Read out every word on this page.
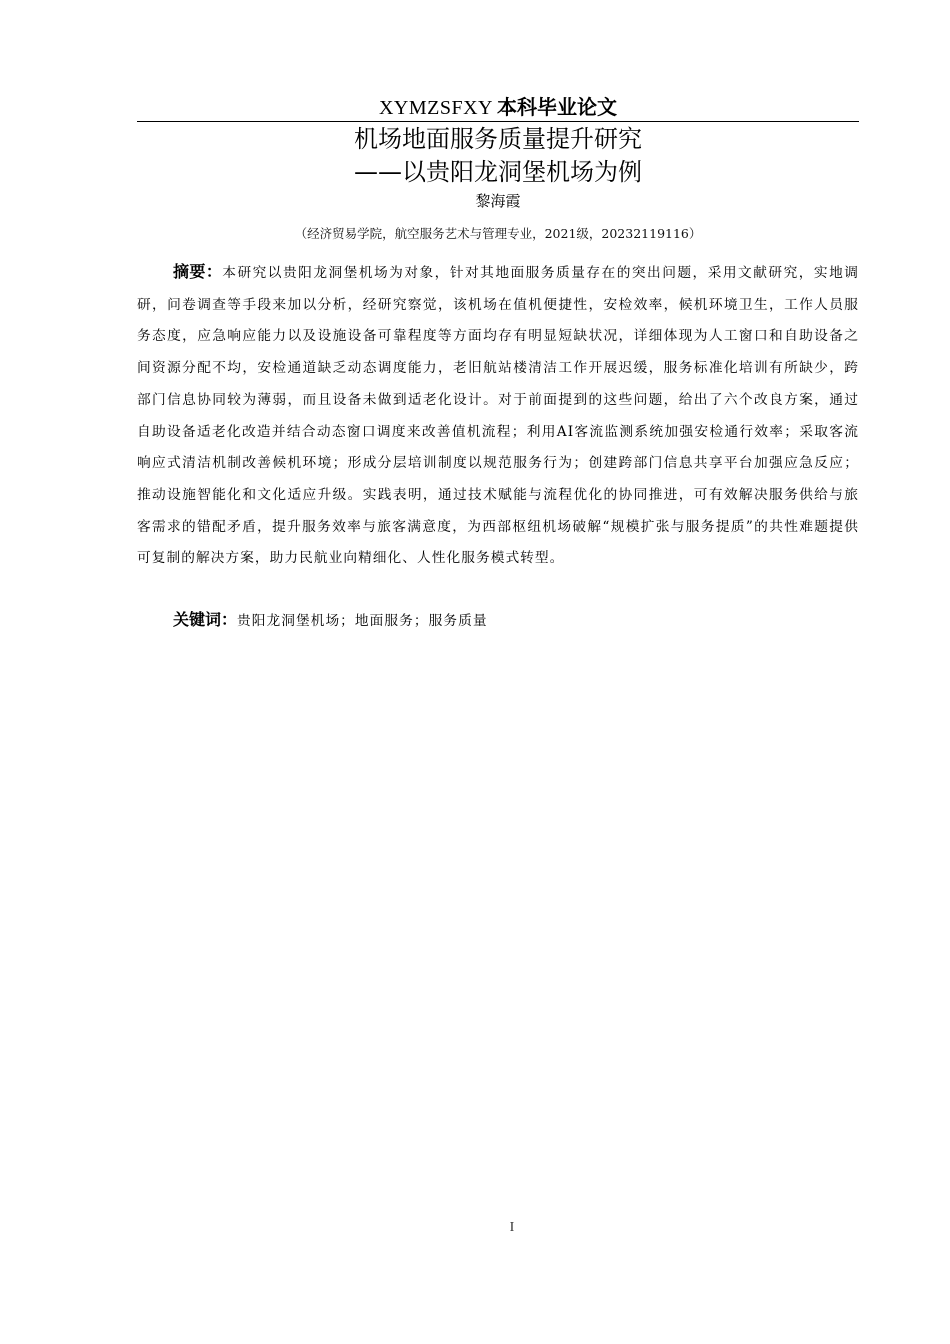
XYMZSFXY 本科毕业论文
机场地面服务质量提升研究
——以贵阳龙洞堡机场为例
黎海霞
（经济贸易学院，航空服务艺术与管理专业，2021级，20232119116）

摘要：本研究以贵阳龙洞堡机场为对象，针对其地面服务质量存在的突出问题，采用文献研究，实地调研，问卷调查等手段来加以分析，经研究察觉，该机场在值机便捷性，安检效率，候机环境卫生，工作人员服务态度，应急响应能力以及设施设备可靠程度等方面均存有明显短缺状况，详细体现为人工窗口和自助设备之间资源分配不均，安检通道缺乏动态调度能力，老旧航站楼清洁工作开展迟缓，服务标准化培训有所缺少，跨部门信息协同较为薄弱，而且设备未做到适老化设计。对于前面提到的这些问题，给出了六个改良方案，通过自助设备适老化改造并结合动态窗口调度来改善值机流程；利用AI客流监测系统加强安检通行效率；采取客流响应式清洁机制改善候机环境；形成分层培训制度以规范服务行为；创建跨部门信息共享平台加强应急反应；推动设施智能化和文化适应升级。实践表明，通过技术赋能与流程优化的协同推进，可有效解决服务供给与旅客需求的错配矛盾，提升服务效率与旅客满意度，为西部枢纽机场破解“规模扩张与服务提质”的共性难题提供可复制的解决方案，助力民航业向精细化、人性化服务模式转型。

关键词：贵阳龙洞堡机场；地面服务；服务质量
I
